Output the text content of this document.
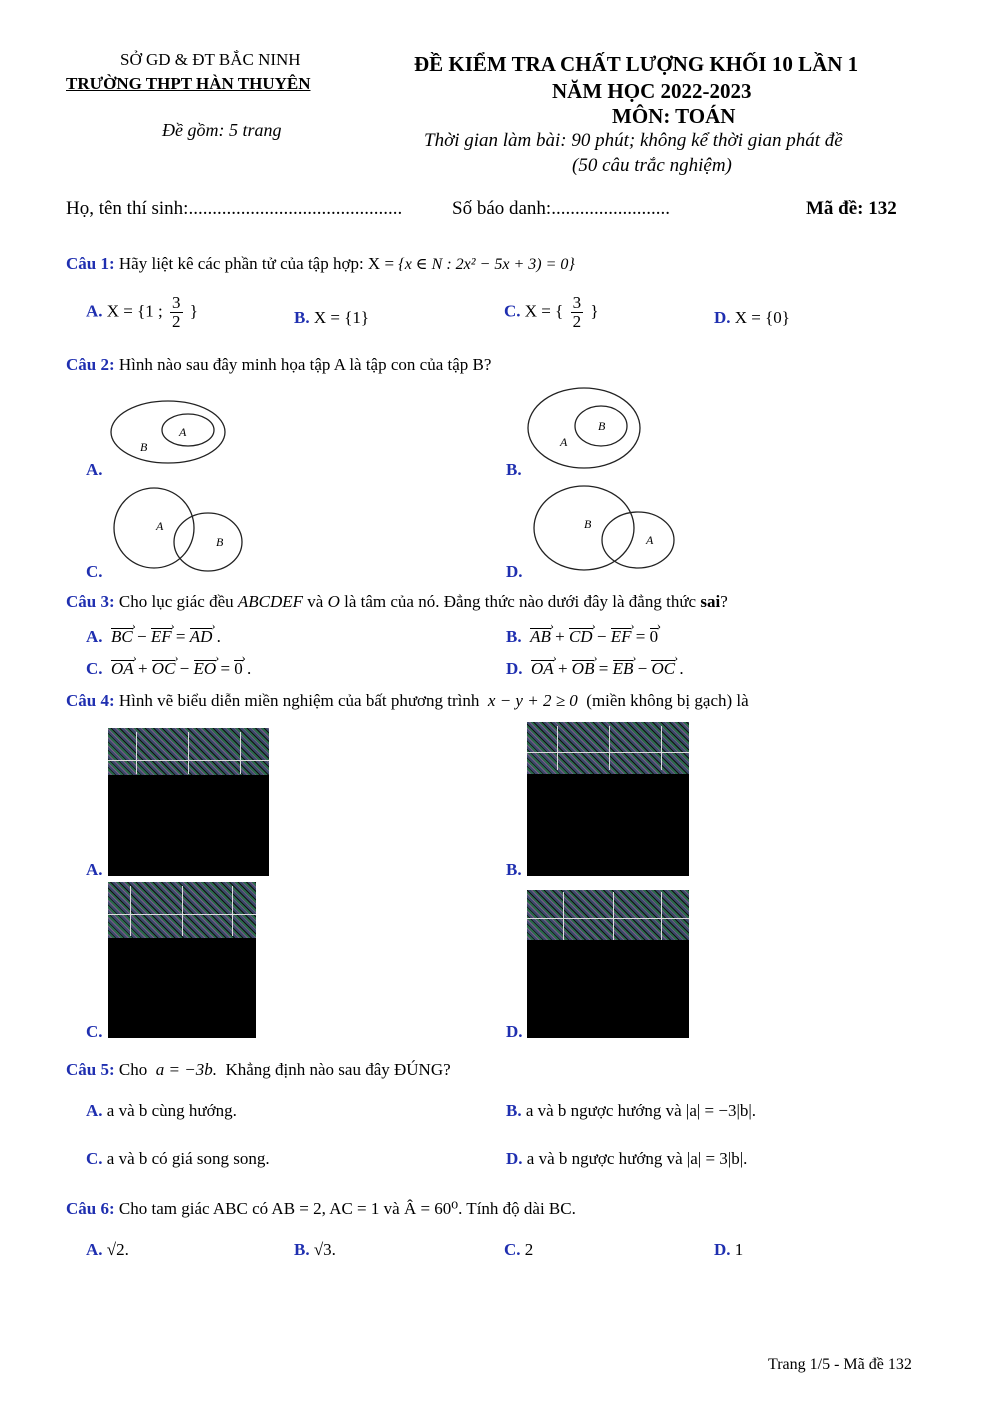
SỞ GD & ĐT BẮC NINH
TRƯỜNG THPT HÀN THUYÊN
Đề gồm: 5 trang
ĐỀ KIỂM TRA CHẤT LƯỢNG KHỐI 10 LẦN 1
NĂM HỌC 2022-2023
MÔN: TOÁN
Thời gian làm bài: 90 phút; không kể thời gian phát đề
(50 câu trắc nghiệm)
Họ, tên thí sinh:.............................................	Số báo danh:.........................	Mã đề: 132
Câu 1: Hãy liệt kê các phần tử của tập hợp: X = {x ∈ N : 2x² − 5x + 3) = 0}
A. X = {1 ; $\frac{3}{2}$ }	B. X = {1}	C. X = { $\frac{3}{2}$ }	D. X = {0}
Câu 2: Hình nào sau đây minh họa tập A là tập con của tập B?
A
B
A.
B
A
B.
A
B
C.
B
A
D.
Câu 3: Cho lục giác đều ABCDEF và O là tâm của nó. Đẳng thức nào dưới đây là đẳng thức sai?
A. BC › − EF › = AD › .	B. AB › + CD › − EF › = 0 ›
C. OA › + OC › − EO › = 0 › .	D. OA › + OB › = EB › − OC › .
Câu 4: Hình vẽ biểu diễn miền nghiệm của bất phương trình x − y + 2 ≥ 0 (miền không bị gạch) là
A.	B.
C.	D.
Câu 5: Cho a = −3b. Khẳng định nào sau đây ĐÚNG?
A. a và b cùng hướng.	B. a và b ngược hướng và |a| = −3|b|.
C. a và b có giá song song.	D. a và b ngược hướng và |a| = 3|b|.
Câu 6: Cho tam giác ABC có AB = 2, AC = 1 và Â = 60⁰. Tính độ dài BC.
A. √2.	B. √3.	C. 2	D. 1
Trang 1/5 - Mã đề 132
